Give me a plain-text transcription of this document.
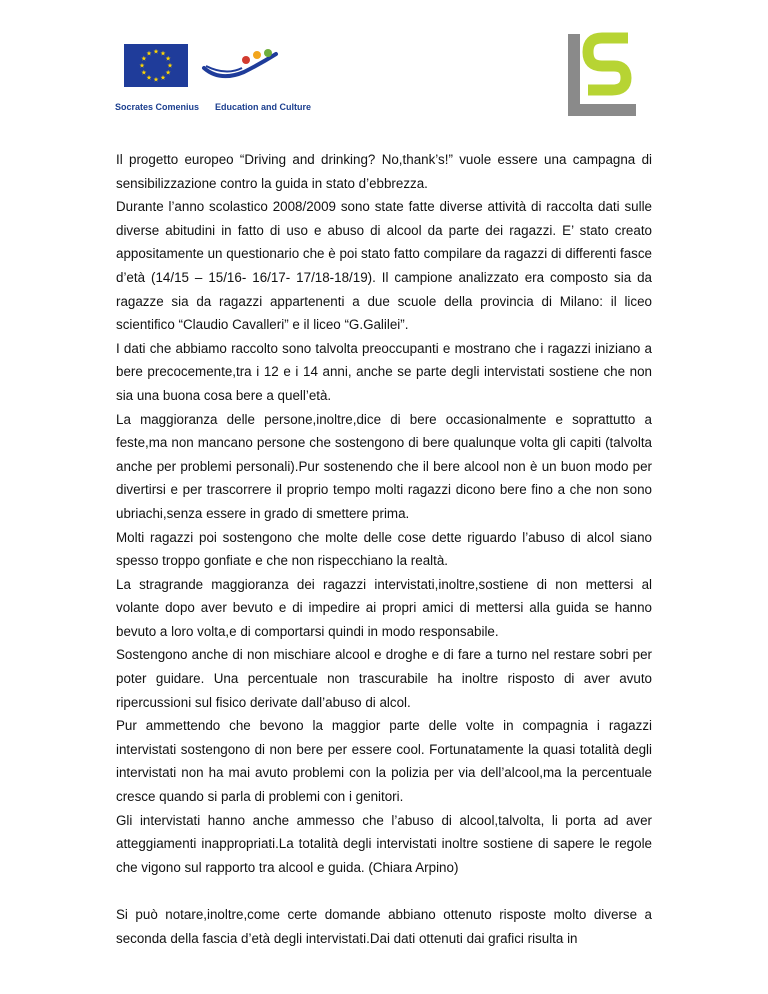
Socrates Comenius Education and Culture

Il progetto europeo “Driving and drinking? No,thank’s!” vuole essere una campagna di sensibilizzazione contro la guida in stato d’ebbrezza.

Durante l’anno scolastico 2008/2009 sono state fatte diverse attività di raccolta dati sulle diverse abitudini in fatto di uso e abuso di alcool da parte dei ragazzi. E’ stato creato appositamente un questionario che è poi stato fatto compilare da ragazzi di differenti fasce d’età (14/15 – 15/16- 16/17- 17/18-18/19). Il campione analizzato era composto sia da ragazze sia da ragazzi appartenenti a due scuole della provincia di Milano: il liceo scientifico “Claudio Cavalleri” e il liceo “G.Galilei”.

I dati che abbiamo raccolto sono talvolta preoccupanti e mostrano che i ragazzi iniziano a bere precocemente,tra i 12 e i 14 anni, anche se parte degli intervistati sostiene che non sia una buona cosa bere a quell’età.

La maggioranza delle persone,inoltre,dice di bere occasionalmente e soprattutto a feste,ma non mancano persone che sostengono di bere qualunque volta gli capiti (talvolta anche per problemi personali).Pur sostenendo che il bere alcool non è un buon modo per divertirsi e per trascorrere il proprio tempo molti ragazzi dicono bere fino a che non sono ubriachi,senza essere in grado di smettere prima.

Molti ragazzi poi sostengono che molte delle cose dette riguardo l’abuso di alcol siano spesso troppo gonfiate e che non rispecchiano la realtà.

La stragrande maggioranza dei ragazzi intervistati,inoltre,sostiene di non mettersi al volante dopo aver bevuto e di impedire ai propri amici di mettersi alla guida se hanno bevuto a loro volta,e di comportarsi quindi in modo responsabile.

Sostengono anche di non mischiare alcool e droghe e di fare a turno nel restare sobri per poter guidare. Una percentuale non trascurabile ha inoltre risposto di aver avuto ripercussioni sul fisico derivate dall’abuso di alcol.

Pur ammettendo che bevono la maggior parte delle volte in compagnia i ragazzi intervistati sostengono di non bere per essere cool. Fortunatamente la quasi totalità degli intervistati non ha mai avuto problemi con la polizia per via dell’alcool,ma la percentuale cresce quando si parla di problemi con i genitori.

Gli intervistati hanno anche ammesso che l’abuso di alcool,talvolta, li porta ad aver atteggiamenti inappropriati.La totalità degli intervistati inoltre sostiene di sapere le regole che vigono sul rapporto tra alcool e guida. (Chiara Arpino)

Si può notare,inoltre,come certe domande abbiano ottenuto risposte molto diverse a seconda della fascia d’età degli intervistati.Dai dati ottenuti dai grafici risulta in
